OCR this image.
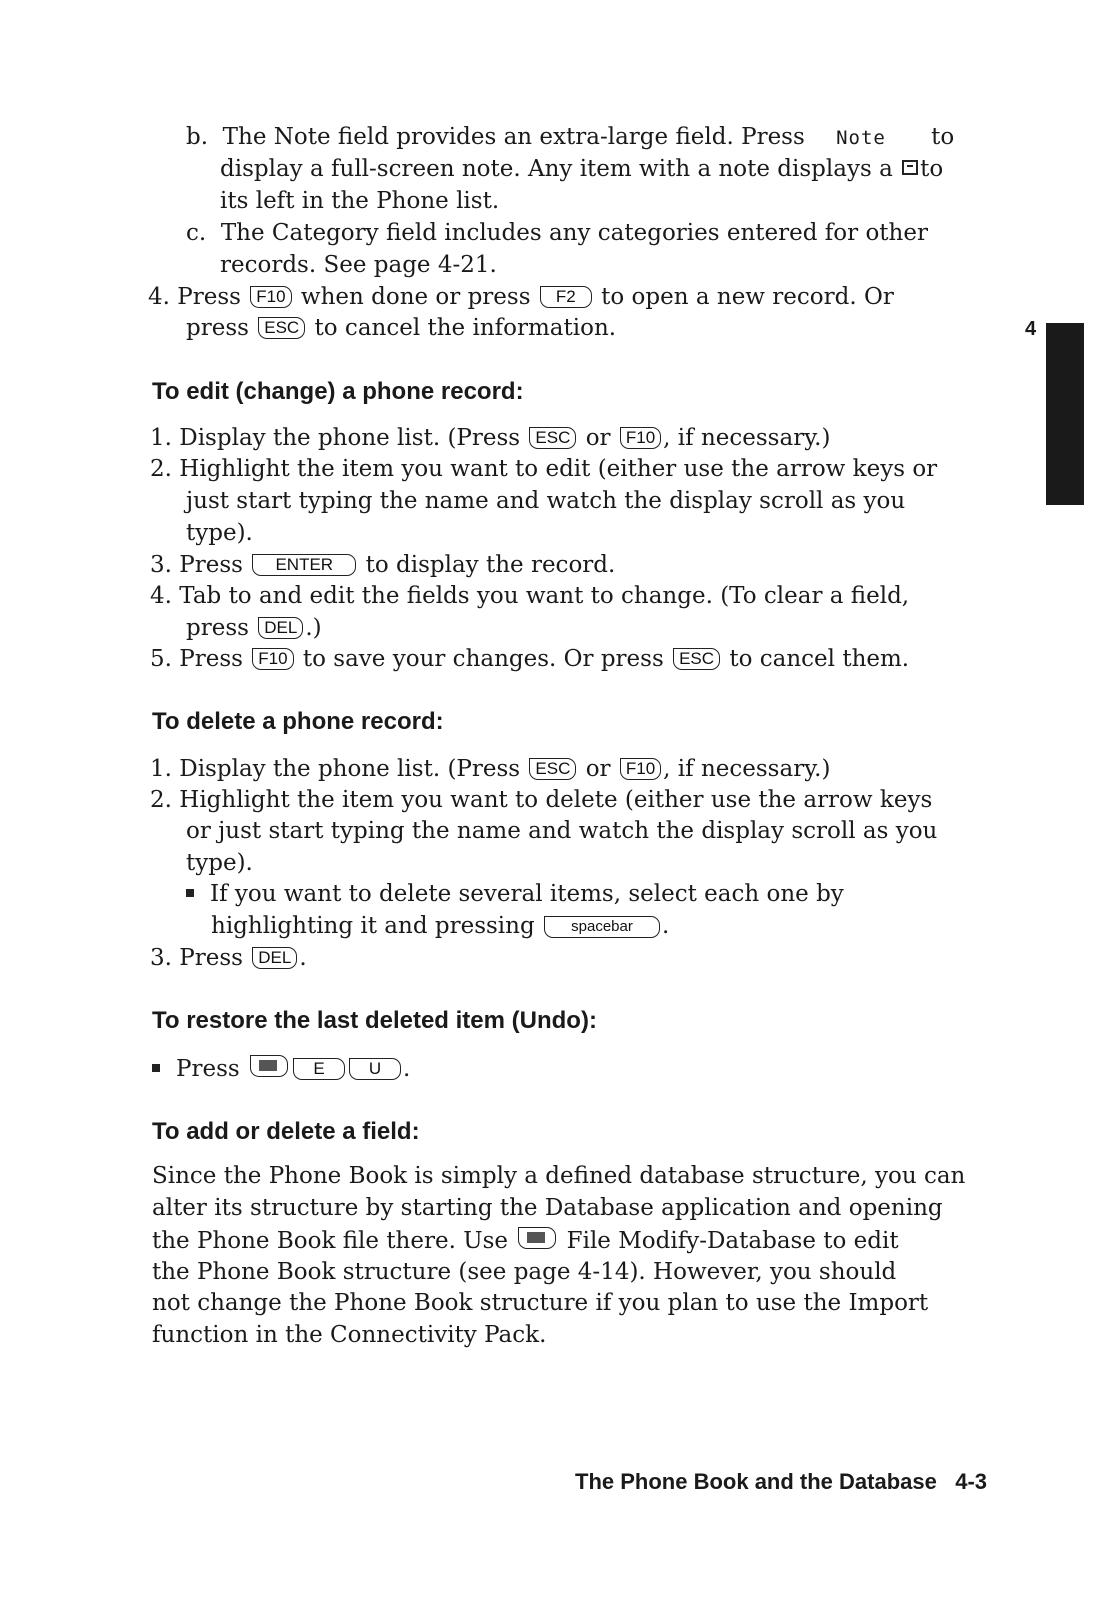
4
b. The Note field provides an extra-large field. Press Note to
display a full-screen note. Any item with a note displays a to
its left in the Phone list.
c. The Category field includes any categories entered for other
records. See page 4-21.
4. Press F10 when done or press F2 to open a new record. Or
press ESC to cancel the information.
To edit (change) a phone record:
1. Display the phone list. (Press ESC or F10 , if necessary.)
2. Highlight the item you want to edit (either use the arrow keys or
just start typing the name and watch the display scroll as you
type).
3. Press ENTER to display the record.
4. Tab to and edit the fields you want to change. (To clear a field,
press DEL .)
5. Press F10 to save your changes. Or press ESC to cancel them.
To delete a phone record:
1. Display the phone list. (Press ESC or F10 , if necessary.)
2. Highlight the item you want to delete (either use the arrow keys
or just start typing the name and watch the display scroll as you
type).
If you want to delete several items, select each one by
highlighting it and pressing spacebar .
3. Press DEL .
To restore the last deleted item (Undo):
Press	E	U .
To add or delete a field:
Since the Phone Book is simply a defined database structure, you can
alter its structure by starting the Database application and opening
the Phone Book file there. Use	File Modify-Database to edit
the Phone Book structure (see page 4-14). However, you should
not change the Phone Book structure if you plan to use the Import
function in the Connectivity Pack.
The Phone Book and the Database 4-3
